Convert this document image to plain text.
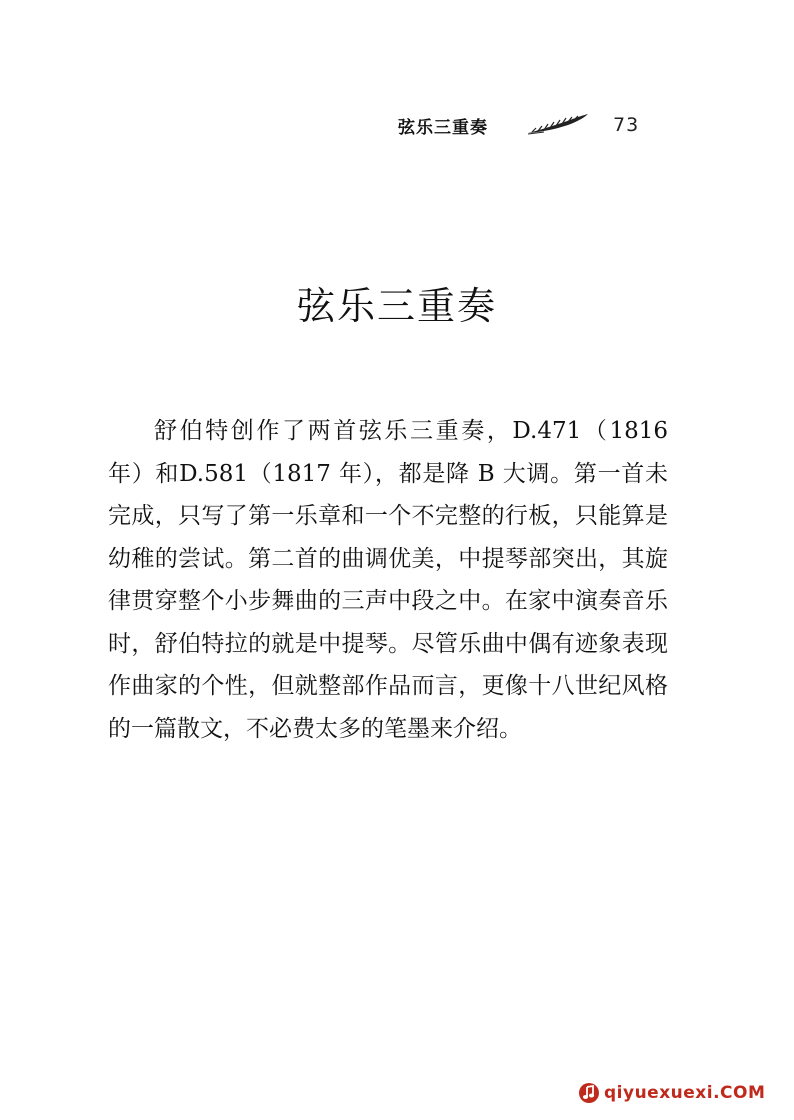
弦乐三重奏	73
弦乐三重奏

舒伯特创作了两首弦乐三重奏，D.471（1816 年）和D.581（1817 年），都是降 B 大调。第一首未完成，只写了第一乐章和一个不完整的行板，只能算是幼稚的尝试。第二首的曲调优美，中提琴部突出，其旋律贯穿整个小步舞曲的三声中段之中。在家中演奏音乐时，舒伯特拉的就是中提琴。尽管乐曲中偶有迹象表现作曲家的个性，但就整部作品而言，更像十八世纪风格的一篇散文，不必费太多的笔墨来介绍。

qiyuexuexi.COM
